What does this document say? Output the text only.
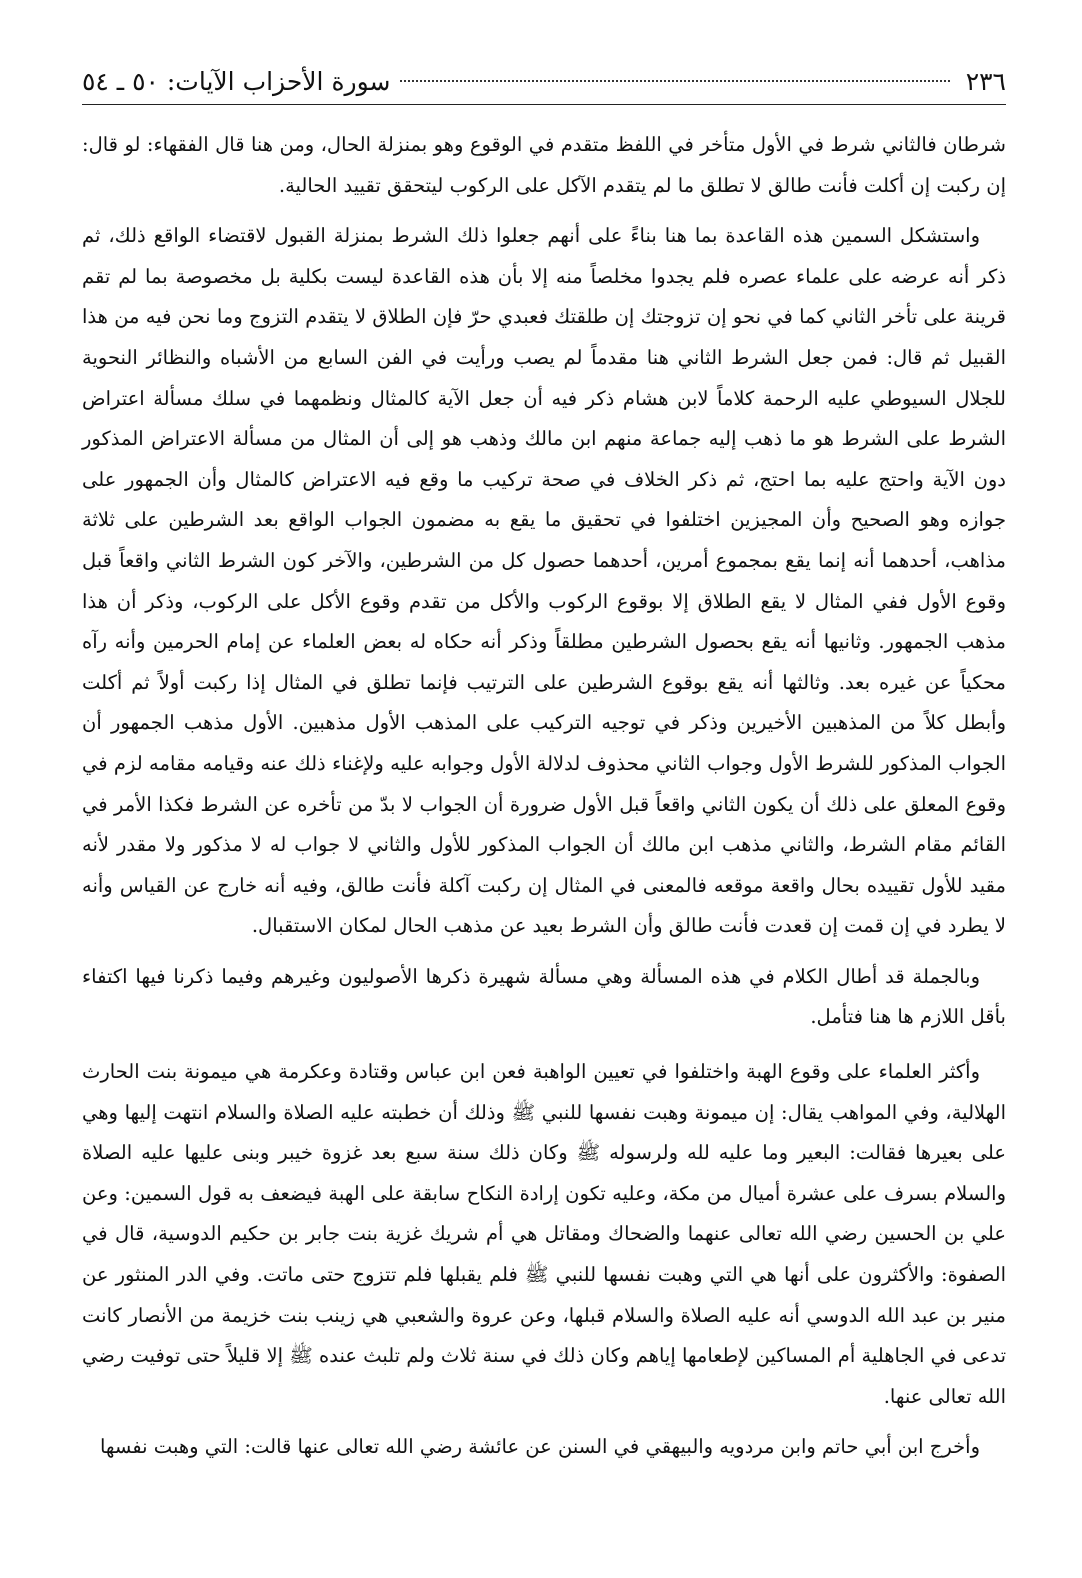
٢٣٦
سورة الأحزاب الآيات: ٥٠ ـ ٥٤

شرطان فالثاني شرط في الأول متأخر في اللفظ متقدم في الوقوع وهو بمنزلة الحال، ومن هنا قال الفقهاء: لو قال: إن ركبت إن أكلت فأنت طالق لا تطلق ما لم يتقدم الآكل على الركوب ليتحقق تقييد الحالية.

واستشكل السمين هذه القاعدة بما هنا بناءً على أنهم جعلوا ذلك الشرط بمنزلة القبول لاقتضاء الواقع ذلك، ثم ذكر أنه عرضه على علماء عصره فلم يجدوا مخلصاً منه إلا بأن هذه القاعدة ليست بكلية بل مخصوصة بما لم تقم قرينة على تأخر الثاني كما في نحو إن تزوجتك إن طلقتك فعبدي حرّ فإن الطلاق لا يتقدم التزوج وما نحن فيه من هذا القبيل ثم قال: فمن جعل الشرط الثاني هنا مقدماً لم يصب ورأيت في الفن السابع من الأشباه والنظائر النحوية للجلال السيوطي عليه الرحمة كلاماً لابن هشام ذكر فيه أن جعل الآية كالمثال ونظمهما في سلك مسألة اعتراض الشرط على الشرط هو ما ذهب إليه جماعة منهم ابن مالك وذهب هو إلى أن المثال من مسألة الاعتراض المذكور دون الآية واحتج عليه بما احتج، ثم ذكر الخلاف في صحة تركيب ما وقع فيه الاعتراض كالمثال وأن الجمهور على جوازه وهو الصحيح وأن المجيزين اختلفوا في تحقيق ما يقع به مضمون الجواب الواقع بعد الشرطين على ثلاثة مذاهب، أحدهما أنه إنما يقع بمجموع أمرين، أحدهما حصول كل من الشرطين، والآخر كون الشرط الثاني واقعاً قبل وقوع الأول ففي المثال لا يقع الطلاق إلا بوقوع الركوب والأكل من تقدم وقوع الأكل على الركوب، وذكر أن هذا مذهب الجمهور. وثانيها أنه يقع بحصول الشرطين مطلقاً وذكر أنه حكاه له بعض العلماء عن إمام الحرمين وأنه رآه محكياً عن غيره بعد. وثالثها أنه يقع بوقوع الشرطين على الترتيب فإنما تطلق في المثال إذا ركبت أولاً ثم أكلت وأبطل كلاً من المذهبين الأخيرين وذكر في توجيه التركيب على المذهب الأول مذهبين. الأول مذهب الجمهور أن الجواب المذكور للشرط الأول وجواب الثاني محذوف لدلالة الأول وجوابه عليه ولإغناء ذلك عنه وقيامه مقامه لزم في وقوع المعلق على ذلك أن يكون الثاني واقعاً قبل الأول ضرورة أن الجواب لا بدّ من تأخره عن الشرط فكذا الأمر في القائم مقام الشرط، والثاني مذهب ابن مالك أن الجواب المذكور للأول والثاني لا جواب له لا مذكور ولا مقدر لأنه مقيد للأول تقييده بحال واقعة موقعه فالمعنى في المثال إن ركبت آكلة فأنت طالق، وفيه أنه خارج عن القياس وأنه لا يطرد في إن قمت إن قعدت فأنت طالق وأن الشرط بعيد عن مذهب الحال لمكان الاستقبال.

وبالجملة قد أطال الكلام في هذه المسألة وهي مسألة شهيرة ذكرها الأصوليون وغيرهم وفيما ذكرنا فيها اكتفاء بأقل اللازم ها هنا فتأمل.

وأكثر العلماء على وقوع الهبة واختلفوا في تعيين الواهبة فعن ابن عباس وقتادة وعكرمة هي ميمونة بنت الحارث الهلالية، وفي المواهب يقال: إن ميمونة وهبت نفسها للنبي ﷺ وذلك أن خطبته عليه الصلاة والسلام انتهت إليها وهي على بعيرها فقالت: البعير وما عليه لله ولرسوله ﷺ وكان ذلك سنة سبع بعد غزوة خيبر وبنى عليها عليه الصلاة والسلام بسرف على عشرة أميال من مكة، وعليه تكون إرادة النكاح سابقة على الهبة فيضعف به قول السمين: وعن علي بن الحسين رضي الله تعالى عنهما والضحاك ومقاتل هي أم شريك غزية بنت جابر بن حكيم الدوسية، قال في الصفوة: والأكثرون على أنها هي التي وهبت نفسها للنبي ﷺ فلم يقبلها فلم تتزوج حتى ماتت. وفي الدر المنثور عن منير بن عبد الله الدوسي أنه عليه الصلاة والسلام قبلها، وعن عروة والشعبي هي زينب بنت خزيمة من الأنصار كانت تدعى في الجاهلية أم المساكين لإطعامها إياهم وكان ذلك في سنة ثلاث ولم تلبث عنده ﷺ إلا قليلاً حتى توفيت رضي الله تعالى عنها.

وأخرج ابن أبي حاتم وابن مردويه والبيهقي في السنن عن عائشة رضي الله تعالى عنها قالت: التي وهبت نفسها
